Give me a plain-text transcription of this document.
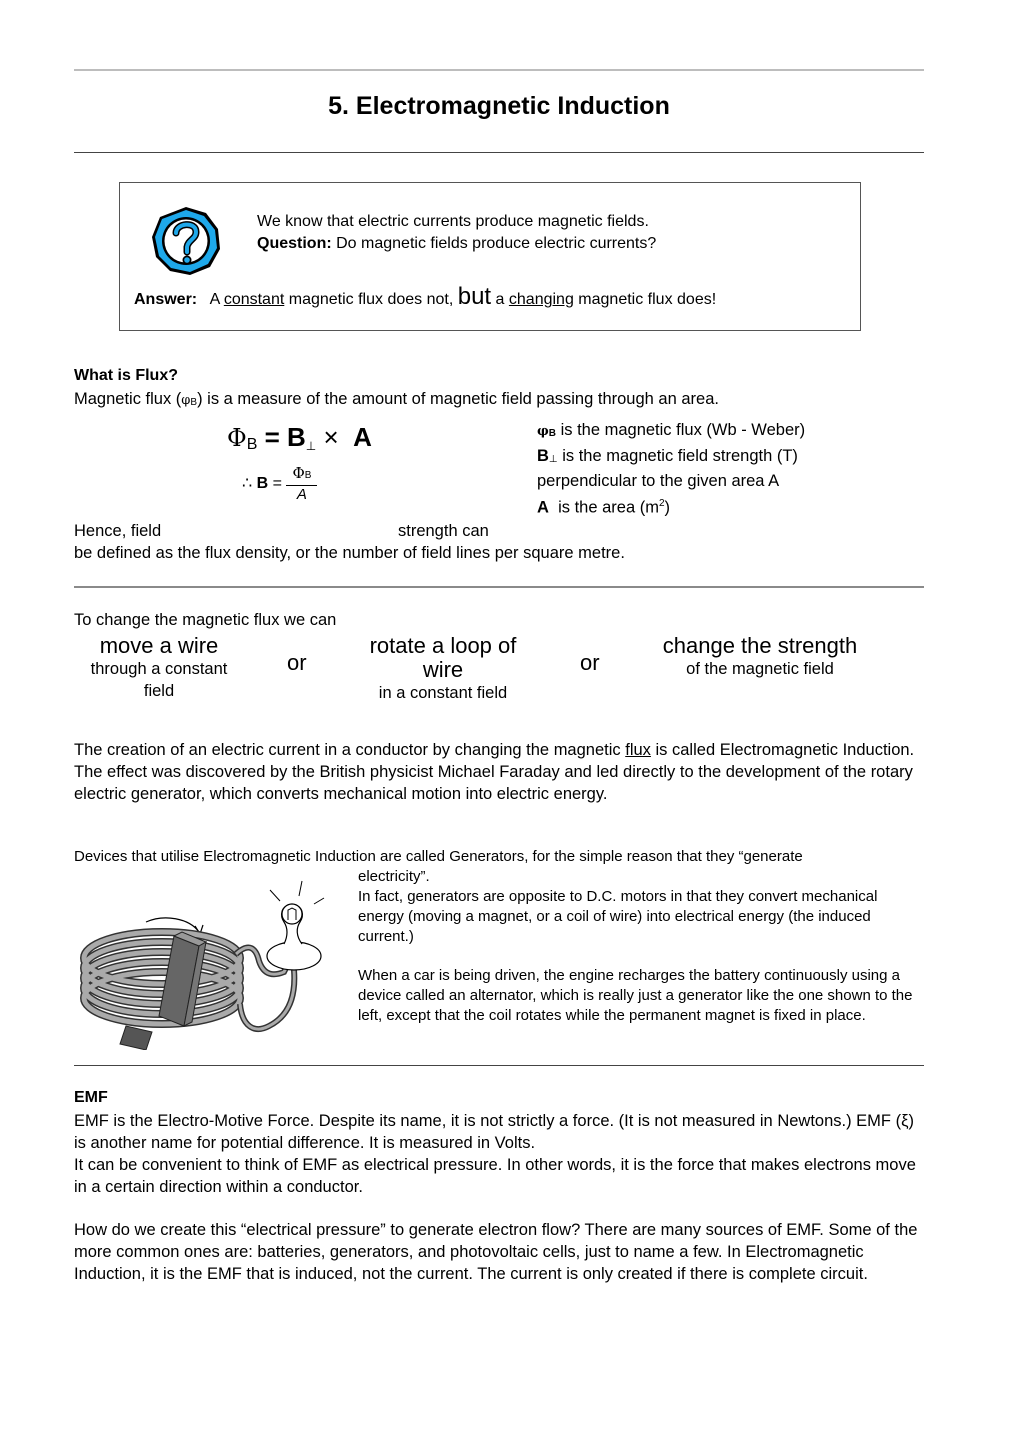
5. Electromagnetic Induction
We know that electric currents produce magnetic fields.
Question: Do magnetic fields produce electric currents?
Answer: A constant magnetic flux does not, but a changing magnetic flux does!
What is Flux?
Magnetic flux (φB) is a measure of the amount of magnetic field passing through an area.
ΦB = B⊥ ×  A
∴ $B = \frac{\Phi B}{A}$
φB is the magnetic flux (Wb - Weber)
B⊥ is the magnetic field strength (T)
perpendicular to the given area A
A  is the area $(m^2)$
Hence, field	strength can
be defined as the flux density, or the number of field lines per square metre.
To change the magnetic flux we can
move a wire
through a constant field
or
rotate a loop of wire
in a constant field
or
change the strength
of the magnetic field
The creation of an electric current in a conductor by changing the magnetic flux is called Electromagnetic Induction. The effect was discovered by the British physicist Michael Faraday and led directly to the development of the rotary electric generator, which converts mechanical motion into electric energy.
Devices that utilise Electromagnetic Induction are called Generators, for the simple reason that they “generate
electricity”.
In fact, generators are opposite to D.C. motors in that they convert mechanical energy (moving a magnet, or a coil of wire) into electrical energy (the induced current.)
When a car is being driven, the engine recharges the battery continuously using a device called an alternator, which is really just a generator like the one shown to the left, except that the coil rotates while the permanent magnet is fixed in place.
EMF
EMF is the Electro-Motive Force. Despite its name, it is not strictly a force. (It is not measured in Newtons.) EMF (ξ) is another name for potential difference. It is measured in Volts.
It can be convenient to think of EMF as electrical pressure. In other words, it is the force that makes electrons move in a certain direction within a conductor.
How do we create this “electrical pressure” to generate electron flow? There are many sources of EMF. Some of the more common ones are: batteries, generators, and photovoltaic cells, just to name a few. In Electromagnetic Induction, it is the EMF that is induced, not the current. The current is only created if there is complete circuit.
